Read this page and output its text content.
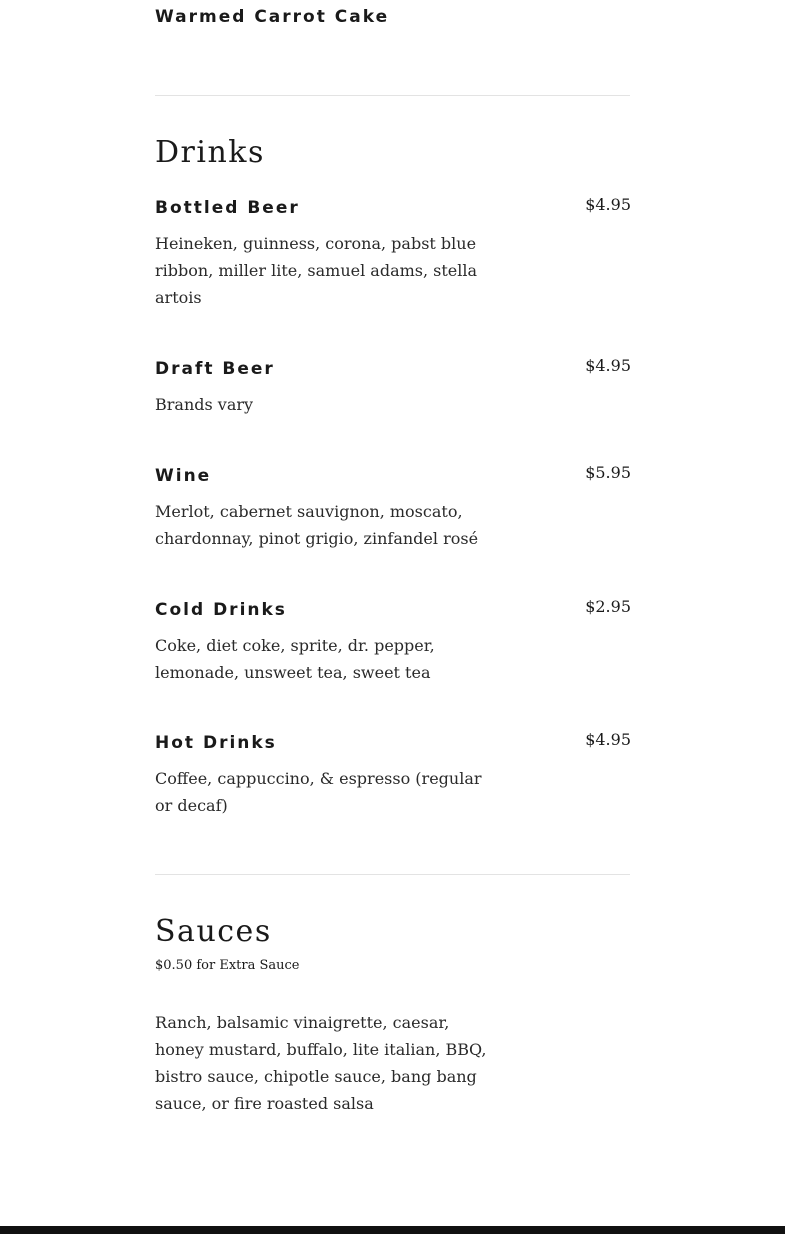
Warmed Carrot Cake
Drinks
Bottled Beer	$4.95
Heineken, guinness, corona, pabst blue ribbon, miller lite, samuel adams, stella artois
Draft Beer	$4.95
Brands vary
Wine	$5.95
Merlot, cabernet sauvignon, moscato, chardonnay, pinot grigio, zinfandel rosé
Cold Drinks	$2.95
Coke, diet coke, sprite, dr. pepper, lemonade, unsweet tea, sweet tea
Hot Drinks	$4.95
Coffee, cappuccino, & espresso (regular or decaf)
Sauces
$0.50 for Extra Sauce
Ranch, balsamic vinaigrette, caesar, honey mustard, buffalo, lite italian, BBQ, bistro sauce, chipotle sauce, bang bang sauce, or fire roasted salsa
